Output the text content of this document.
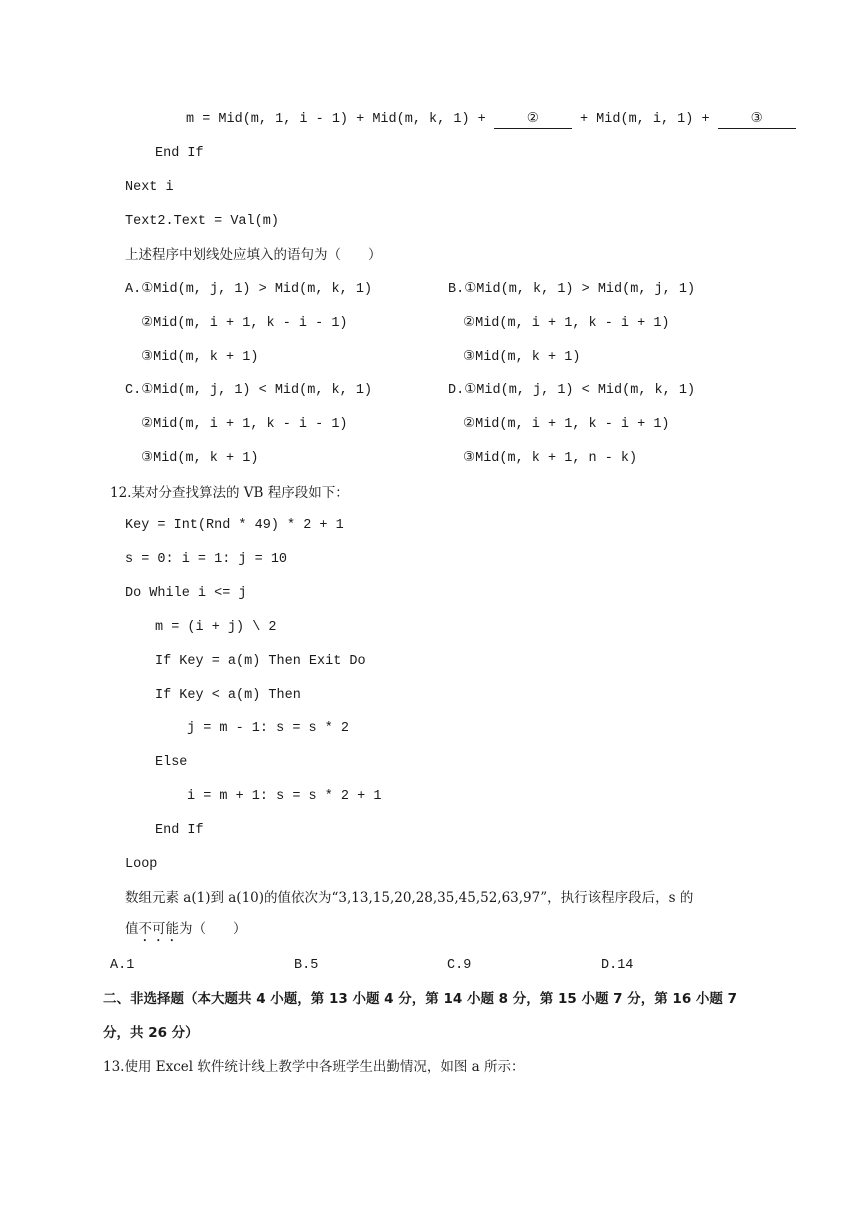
m = Mid(m, 1, i - 1) + Mid(m, k, 1) + ② + Mid(m, i, 1) + ③
End If
Next i
Text2.Text = Val(m)
上述程序中划线处应填入的语句为（　　）
A.①Mid(m, j, 1) > Mid(m, k, 1)
②Mid(m, i + 1, k - i - 1)
③Mid(m, k + 1)
B.①Mid(m, k, 1) > Mid(m, j, 1)
②Mid(m, i + 1, k - i + 1)
③Mid(m, k + 1)
C.①Mid(m, j, 1) < Mid(m, k, 1)
②Mid(m, i + 1, k - i - 1)
③Mid(m, k + 1)
D.①Mid(m, j, 1) < Mid(m, k, 1)
②Mid(m, i + 1, k - i + 1)
③Mid(m, k + 1, n - k)
12.某对分查找算法的 VB 程序段如下：
Key = Int(Rnd * 49) * 2 + 1
s = 0: i = 1: j = 10
Do While i <= j
m = (i + j) \ 2
If Key = a(m) Then Exit Do
If Key < a(m) Then
j = m - 1: s = s * 2
Else
i = m + 1: s = s * 2 + 1
End If
Loop
数组元素 a(1)到 a(10)的值依次为“3,13,15,20,28,35,45,52,63,97”，执行该程序段后，s 的
值不可能为（　　）
A.1	B.5	C.9	D.14
二、非选择题（本大题共 4 小题，第 13 小题 4 分，第 14 小题 8 分，第 15 小题 7 分，第 16 小题 7
分，共 26 分）
13.使用 Excel 软件统计线上教学中各班学生出勤情况，如图 a 所示：
